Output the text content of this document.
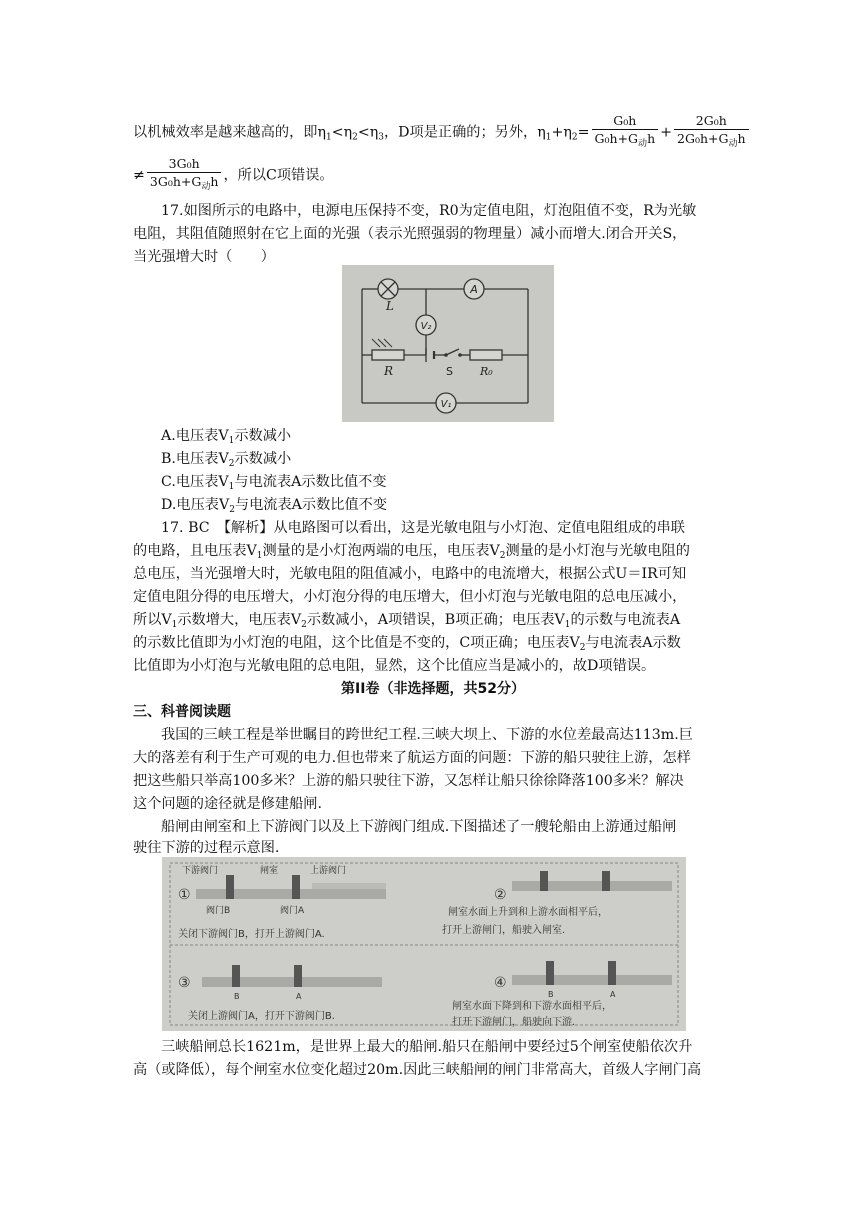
以机械效率是越来越高的，即$\eta_1<\eta_2<\eta_3$，D项是正确的；另外，$\eta_1+\eta_2= \frac{\text{G₀h}}{G_0h+G_动h} + \frac{\text{2G₀h}}{2G_0h+G_动h}$
≠ $\frac{\text{3G₀h}}{3G_0h+G_动h}$ ，所以C项错误。

17.如图所示的电路中，电源电压保持不变，R0为定值电阻，灯泡阻值不变，R为光敏

电阻，其阻值随照射在它上面的光强（表示光照强弱的物理量）减小而增大.闭合开关S，

当光强增大时（　　）

A
V₂
V₁
L
R	S R₀
A.电压表$V_1$示数减小
B.电压表$V_2$示数减小
C.电压表$V_1$与电流表A示数比值不变
D.电压表$V_2$与电流表A示数比值不变

17. BC　【解析】从电路图可以看出，这是光敏电阻与小灯泡、定值电阻组成的串联

的电路，且电压表$V_1$测量的是小灯泡两端的电压，电压表$V_2$测量的是小灯泡与光敏电阻的

总电压，当光强增大时，光敏电阻的阻值减小，电路中的电流增大，根据公式U＝IR可知

定值电阻分得的电压增大，小灯泡分得的电压增大，但小灯泡与光敏电阻的总电压减小，

所以$V_1$示数增大，电压表$V_2$示数减小，A项错误，B项正确；电压表$V_1$的示数与电流表A
的示数比值即为小灯泡的电阻，这个比值是不变的，C项正确；电压表$V_2$与电流表A示数

比值即为小灯泡与光敏电阻的总电阻，显然，这个比值应当是减小的，故D项错误。

第II卷（非选择题，共52分）

三、科普阅读题

我国的三峡工程是举世瞩目的跨世纪工程.三峡大坝上、下游的水位差最高达113m.巨

大的落差有利于生产可观的电力.但也带来了航运方面的问题：下游的船只驶往上游，怎样

把这些船只举高100多米？上游的船只驶往下游，又怎样让船只徐徐降落100多米？解决

这个问题的途径就是修建船闸.

船闸由闸室和上下游阀门以及上下游阀门组成.下图描述了一艘轮船由上游通过船闸

驶往下游的过程示意图.

①
下游阀门	闸室	上游阀门
阀门B	阀门A
关闭下游阀门B，打开上游阀门A.
②
闸室水面上升到和上游水面相平后，
打开上游闸门，船驶入闸室.
③
B	A
关闭上游阀门A，打开下游阀门B.
④
B	A
闸室水面下降到和下游水面相平后，
打开下游闸门，船驶向下游.

三峡船闸总长1621m，是世界上最大的船闸.船只在船闸中要经过5个闸室使船依次升

高（或降低），每个闸室水位变化超过20m.因此三峡船闸的闸门非常高大，首级人字闸门高
